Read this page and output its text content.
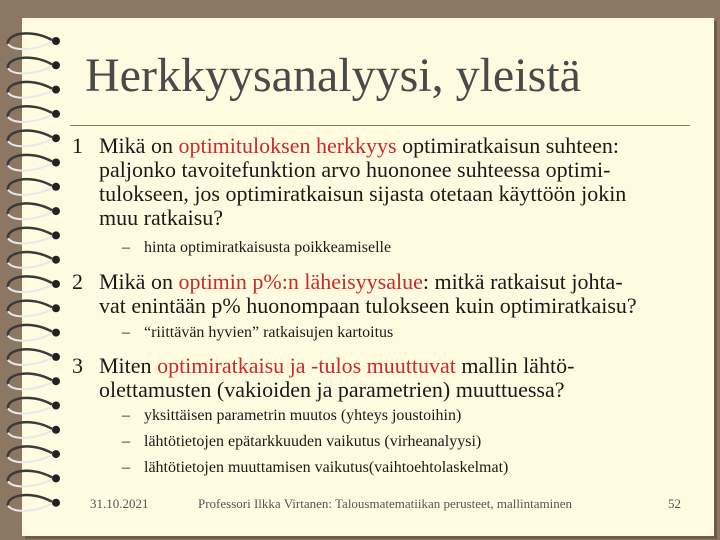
Herkkyysanalyysi, yleistä
1 Mikä on optimituloksen herkkyys optimiratkaisun suhteen:
paljonko tavoitefunktion arvo huononee suhteessa optimi-
tulokseen, jos optimiratkaisun sijasta otetaan käyttöön jokin
muu ratkaisu?
– hinta optimiratkaisusta poikkeamiselle
2 Mikä on optimin p%:n läheisyysalue: mitkä ratkaisut johta-
vat enintään p% huonompaan tulokseen kuin optimiratkaisu?
– “riittävän hyvien” ratkaisujen kartoitus
3 Miten optimiratkaisu ja -tulos muuttuvat mallin lähtö-
olettamusten (vakioiden ja parametrien) muuttuessa?
– yksittäisen parametrin muutos (yhteys joustoihin)
– lähtötietojen epätarkkuuden vaikutus (virheanalyysi)
– lähtötietojen muuttamisen vaikutus(vaihtoehtolaskelmat)
31.10.2021	Professori Ilkka Virtanen: Talousmatematiikan perusteet, mallintaminen	52
